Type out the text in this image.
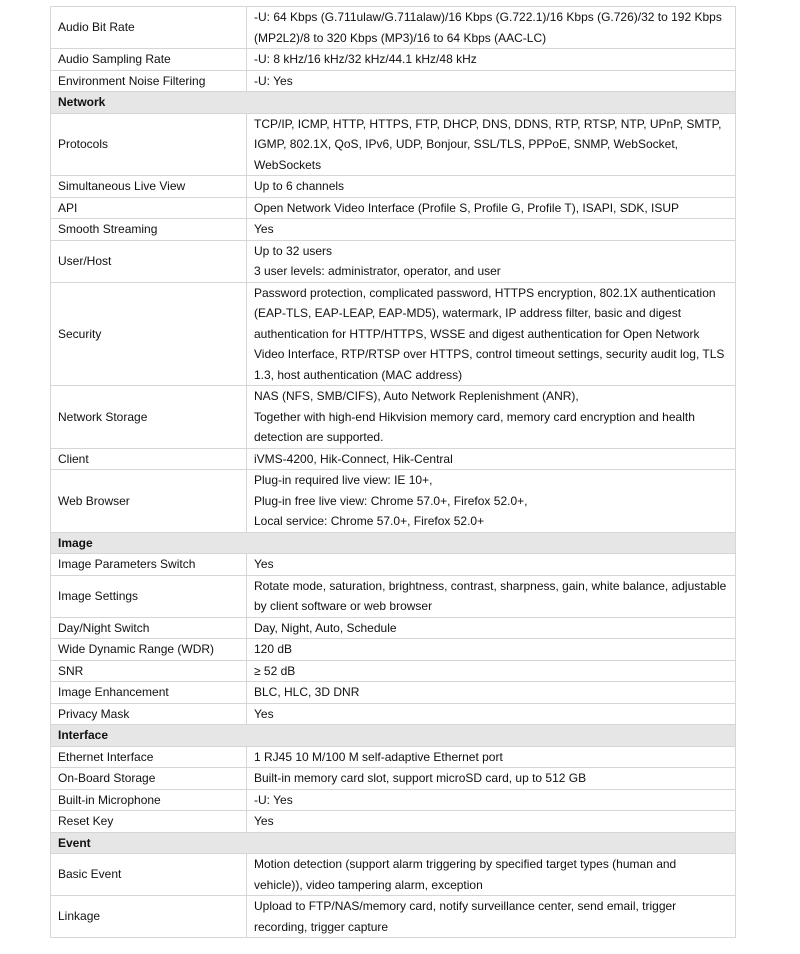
Audio Bit Rate	-U: 64 Kbps (G.711ulaw/G.711alaw)/16 Kbps (G.722.1)/16 Kbps (G.726)/32 to 192 Kbps (MP2L2)/8 to 320 Kbps (MP3)/16 to 64 Kbps (AAC-LC)

Audio Sampling Rate	-U: 8 kHz/16 kHz/32 kHz/44.1 kHz/48 kHz

Environment Noise Filtering	-U: Yes

Network	
Protocols	TCP/IP, ICMP, HTTP, HTTPS, FTP, DHCP, DNS, DDNS, RTP, RTSP, NTP, UPnP, SMTP, IGMP, 802.1X, QoS, IPv6, UDP, Bonjour, SSL/TLS, PPPoE, SNMP, WebSocket, WebSockets

Simultaneous Live View	Up to 6 channels

API	Open Network Video Interface (Profile S, Profile G, Profile T), ISAPI, SDK, ISUP

Smooth Streaming	Yes

User/Host	Up to 32 users
3 user levels: administrator, operator, and user

Security	Password protection, complicated password, HTTPS encryption, 802.1X authentication (EAP-TLS, EAP-LEAP, EAP-MD5), watermark, IP address filter, basic and digest authentication for HTTP/HTTPS, WSSE and digest authentication for Open Network Video Interface, RTP/RTSP over HTTPS, control timeout settings, security audit log, TLS 1.3, host authentication (MAC address)

Network Storage	NAS (NFS, SMB/CIFS), Auto Network Replenishment (ANR),
Together with high-end Hikvision memory card, memory card encryption and health detection are supported.

Client	iVMS-4200, Hik-Connect, Hik-Central

Web Browser	Plug-in required live view: IE 10+,
Plug-in free live view: Chrome 57.0+, Firefox 52.0+,
Local service: Chrome 57.0+, Firefox 52.0+

Image	
Image Parameters Switch	Yes

Image Settings	Rotate mode, saturation, brightness, contrast, sharpness, gain, white balance, adjustable by client software or web browser

Day/Night Switch	Day, Night, Auto, Schedule

Wide Dynamic Range (WDR)	120 dB

SNR	≥ 52 dB

Image Enhancement	BLC, HLC, 3D DNR

Privacy Mask	Yes

Interface	
Ethernet Interface	1 RJ45 10 M/100 M self-adaptive Ethernet port

On-Board Storage	Built-in memory card slot, support microSD card, up to 512 GB

Built-in Microphone	-U: Yes

Reset Key	Yes

Event	
Basic Event	Motion detection (support alarm triggering by specified target types (human and vehicle)), video tampering alarm, exception

Linkage	Upload to FTP/NAS/memory card, notify surveillance center, send email, trigger recording, trigger capture
